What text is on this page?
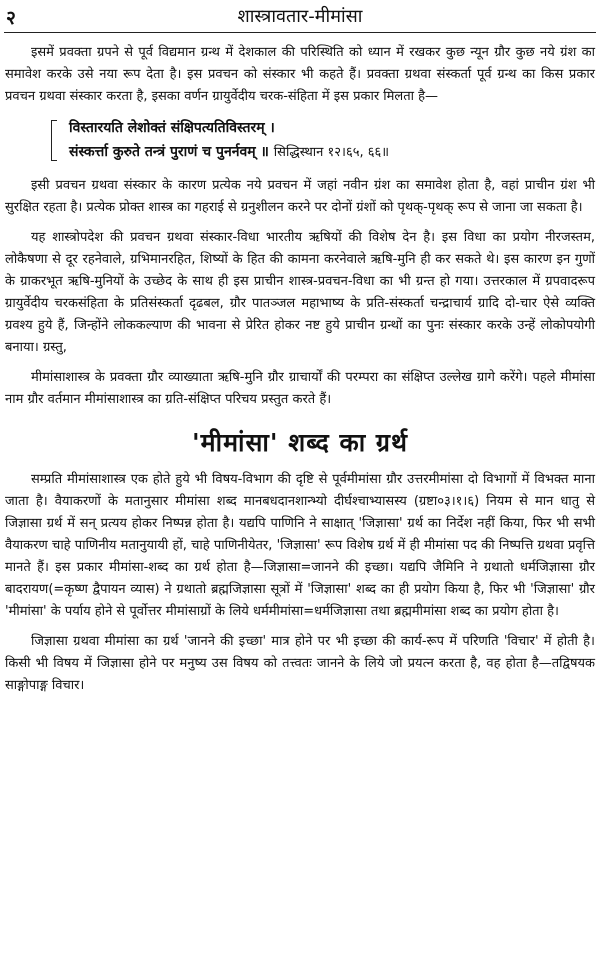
२	शास्त्रावतार-मीमांसा

इसमें प्रवक्ता ग्रपने से पूर्व विद्यमान ग्रन्थ में देशकाल की परिस्थिति को ध्यान में रखकर कुछ न्यून ग्रौर कुछ नये ग्रंश का समावेश करके उसे नया रूप देता है। इस प्रवचन को संस्कार भी कहते हैं। प्रवक्ता ग्रथवा संस्कर्ता पूर्व ग्रन्थ का किस प्रकार प्रवचन ग्रथवा संस्कार करता है, इसका वर्णन ग्रायुर्वेदीय चरक-संहिता में इस प्रकार मिलता है—

विस्तारयति लेशोक्तं संक्षिपत्यतिविस्तरम् ।
संस्कर्त्ता कुरुते तन्त्रं पुराणं च पुनर्नवम् ॥ सिद्धिस्थान १२।६५, ६६॥

इसी प्रवचन ग्रथवा संस्कार के कारण प्रत्येक नये प्रवचन में जहां नवीन ग्रंश का समावेश होता है, वहां प्राचीन ग्रंश भी सुरक्षित रहता है। प्रत्येक प्रोक्त शास्त्र का गहराई से ग्रनुशीलन करने पर दोनों ग्रंशों को पृथक्-पृथक् रूप से जाना जा सकता है।

यह शास्त्रोपदेश की प्रवचन ग्रथवा संस्कार-विधा भारतीय ऋषियों की विशेष देन है। इस विधा का प्रयोग नीरजस्तम, लोकैषणा से दूर रहनेवाले, ग्रभिमानरहित, शिष्यों के हित की कामना करनेवाले ऋषि-मुनि ही कर सकते थे। इस कारण इन गुणों के ग्राकरभूत ऋषि-मुनियों के उच्छेद के साथ ही इस प्राचीन शास्त्र-प्रवचन-विधा का भी ग्रन्त हो गया। उत्तरकाल में ग्रपवादरूप ग्रायुर्वेदीय चरकसंहिता के प्रतिसंस्कर्ता दृढबल, ग्रौर पातञ्जल महाभाष्य के प्रति-संस्कर्ता चन्द्राचार्य ग्रादि दो-चार ऐसे व्यक्ति ग्रवश्य हुये हैं, जिन्होंने लोककल्याण की भावना से प्रेरित होकर नष्ट हुये प्राचीन ग्रन्थों का पुनः संस्कार करके उन्हें लोकोपयोगी बनाया। ग्रस्तु,

मीमांसाशास्त्र के प्रवक्ता ग्रौर व्याख्याता ऋषि-मुनि ग्रौर ग्राचार्यों की परम्परा का संक्षिप्त उल्लेख ग्रागे करेंगे। पहले मीमांसा नाम ग्रौर वर्तमान मीमांसाशास्त्र का ग्रति-संक्षिप्त परिचय प्रस्तुत करते हैं।

'मीमांसा' शब्द का ग्रर्थ

सम्प्रति मीमांसाशास्त्र एक होते हुये भी विषय-विभाग की दृष्टि से पूर्वमीमांसा ग्रौर उत्तरमीमांसा दो विभागों में विभक्त माना जाता है। वैयाकरणों के मतानुसार मीमांसा शब्द मानबधदानशान्भ्यो दीर्घश्चाभ्यासस्य (ग्रष्टा०३।१।६) नियम से मान धातु से जिज्ञासा ग्रर्थ में सन् प्रत्यय होकर निष्पन्न होता है। यद्यपि पाणिनि ने साक्षात् 'जिज्ञासा' ग्रर्थ का निर्देश नहीं किया, फिर भी सभी वैयाकरण चाहे पाणिनीय मतानुयायी हों, चाहे पाणिनीयेतर, 'जिज्ञासा' रूप विशेष ग्रर्थ में ही मीमांसा पद की निष्पत्ति ग्रथवा प्रवृत्ति मानते हैं। इस प्रकार मीमांसा-शब्द का ग्रर्थ होता है—जिज्ञासा=जानने की इच्छा। यद्यपि जैमिनि ने ग्रथातो धर्मजिज्ञासा ग्रौर बादरायण(=कृष्ण द्वैपायन व्यास) ने ग्रथातो ब्रह्मजिज्ञासा सूत्रों में 'जिज्ञासा' शब्द का ही प्रयोग किया है, फिर भी 'जिज्ञासा' ग्रौर 'मीमांसा' के पर्याय होने से पूर्वोत्तर मीमांसाग्रों के लिये धर्ममीमांसा=धर्मजिज्ञासा तथा ब्रह्ममीमांसा शब्द का प्रयोग होता है।

जिज्ञासा ग्रथवा मीमांसा का ग्रर्थ 'जानने की इच्छा' मात्र होने पर भी इच्छा की कार्य-रूप में परिणति 'विचार' में होती है। किसी भी विषय में जिज्ञासा होने पर मनुष्य उस विषय को तत्त्वतः जानने के लिये जो प्रयत्न करता है, वह होता है—तद्विषयक साङ्गोपाङ्ग विचार।
